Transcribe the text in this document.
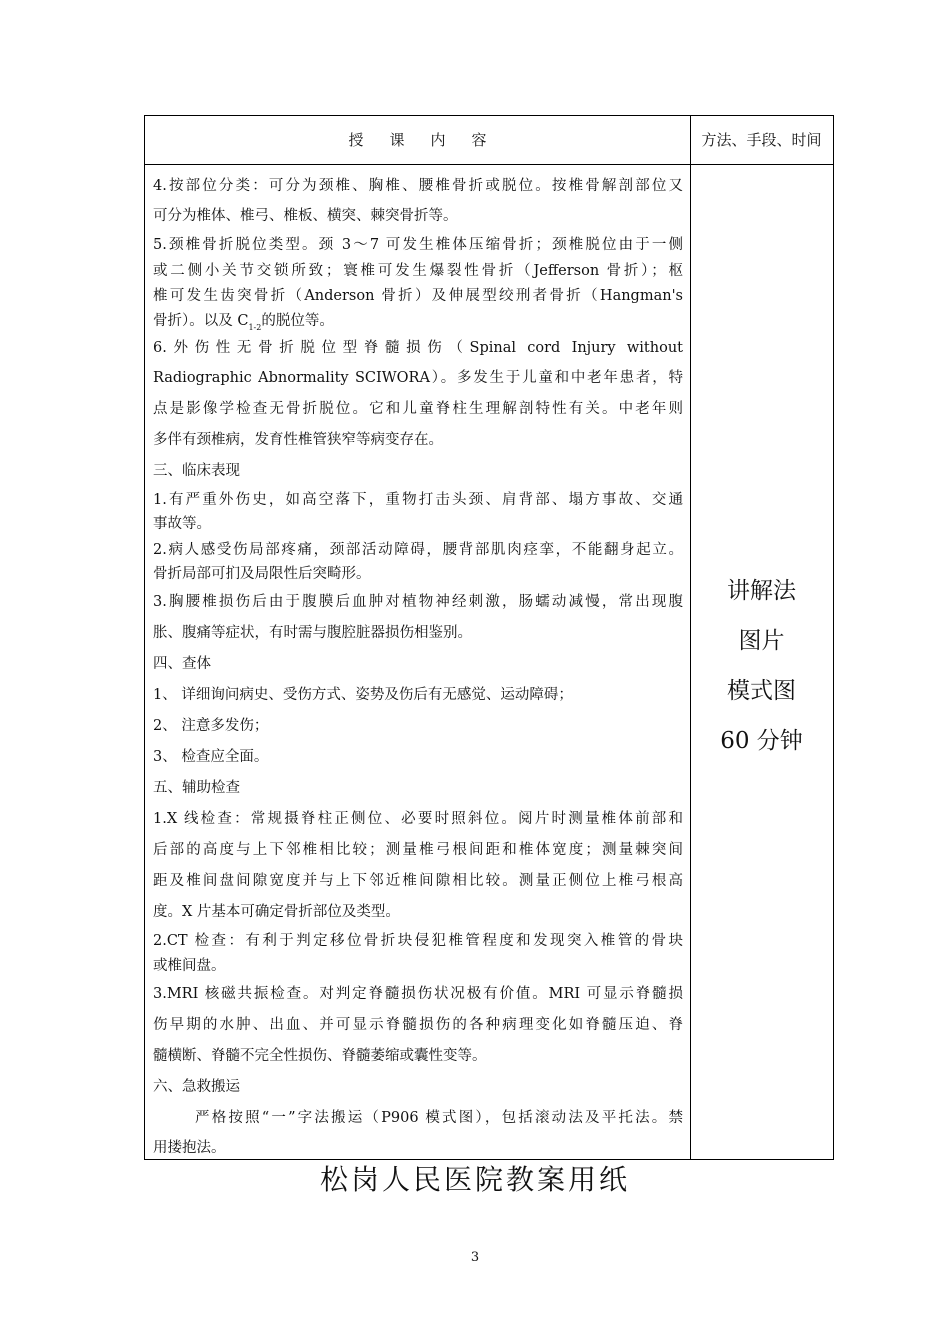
授课内容	方法、手段、时间
4.按部位分类：可分为颈椎、胸椎、腰椎骨折或脱位。按椎骨解剖部位又
可分为椎体、椎弓、椎板、横突、棘突骨折等。
5.颈椎骨折脱位类型。颈 3～7 可发生椎体压缩骨折；颈椎脱位由于一侧
或二侧小关节交锁所致；寰椎可发生爆裂性骨折（Jefferson 骨折）；枢
椎可发生齿突骨折（Anderson 骨折）及伸展型绞刑者骨折（Hangman's
骨折）。以及 $C_{1-2}$的脱位等。
6.外伤性无骨折脱位型脊髓损伤（Spinal cord Injury without
Radiographic Abnormality SCIWORA）。多发生于儿童和中老年患者，特
点是影像学检查无骨折脱位。它和儿童脊柱生理解剖特性有关。中老年则
多伴有颈椎病，发育性椎管狭窄等病变存在。
三、临床表现
1.有严重外伤史，如高空落下，重物打击头颈、肩背部、塌方事故、交通
事故等。
2.病人感受伤局部疼痛，颈部活动障碍，腰背部肌肉痉挛，不能翻身起立。
骨折局部可扪及局限性后突畸形。
3.胸腰椎损伤后由于腹膜后血肿对植物神经刺激，肠蠕动减慢，常出现腹
胀、腹痛等症状，有时需与腹腔脏器损伤相鉴别。
四、查体
1、 详细询问病史、受伤方式、姿势及伤后有无感觉、运动障碍；
2、 注意多发伤；
3、 检查应全面。
五、辅助检查
1.X 线检查：常规摄脊柱正侧位、必要时照斜位。阅片时测量椎体前部和
后部的高度与上下邻椎相比较；测量椎弓根间距和椎体宽度；测量棘突间
距及椎间盘间隙宽度并与上下邻近椎间隙相比较。测量正侧位上椎弓根高
度。X 片基本可确定骨折部位及类型。
2.CT 检查：有利于判定移位骨折块侵犯椎管程度和发现突入椎管的骨块
或椎间盘。
3.MRI 核磁共振检查。对判定脊髓损伤状况极有价值。MRI 可显示脊髓损
伤早期的水肿、出血、并可显示脊髓损伤的各种病理变化如脊髓压迫、脊
髓横断、脊髓不完全性损伤、脊髓萎缩或囊性变等。
六、急救搬运
严格按照“一”字法搬运（P906 模式图），包括滚动法及平托法。禁
用搂抱法。
讲解法
图片
模式图
60 分钟
松岗人民医院教案用纸
3
